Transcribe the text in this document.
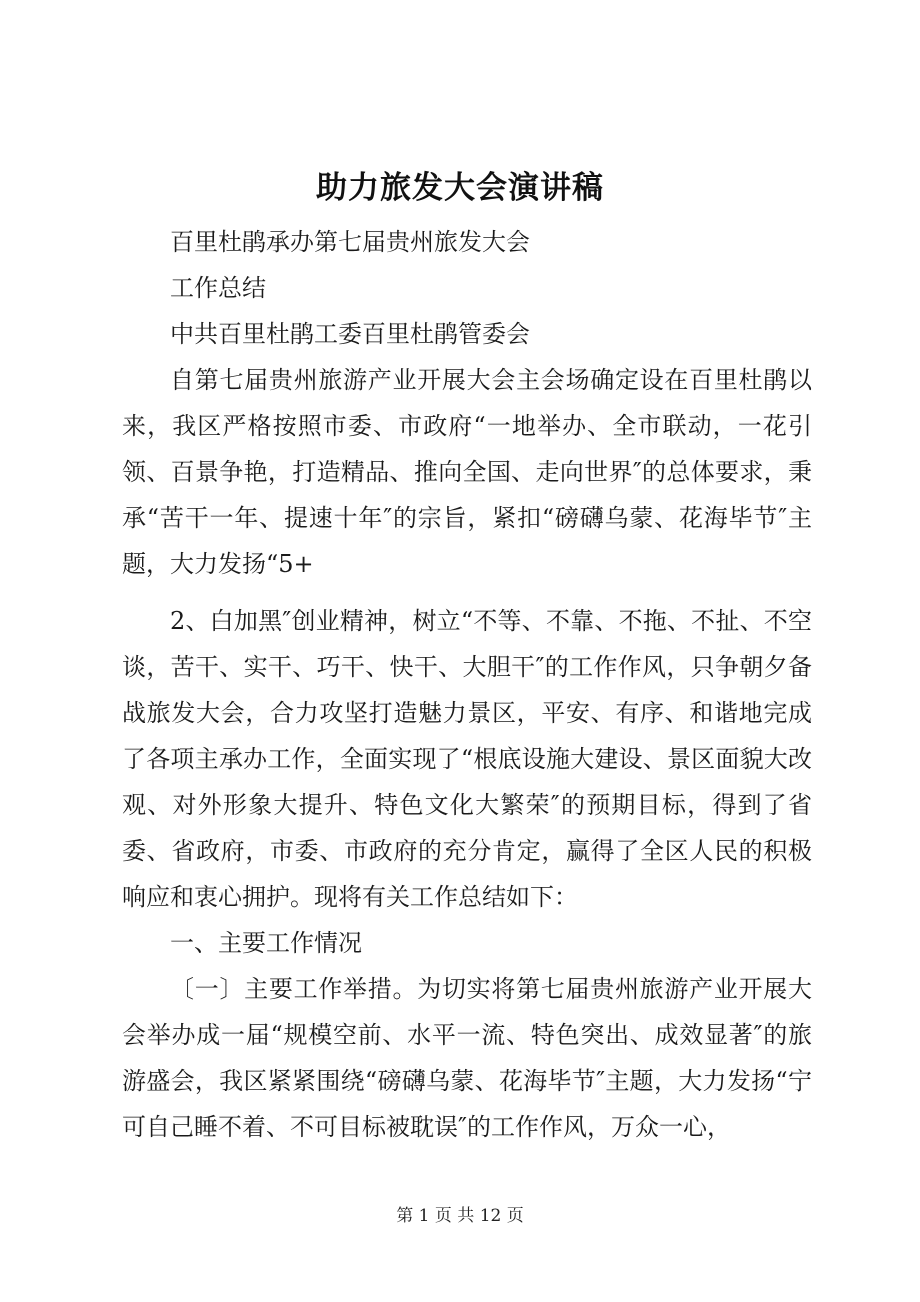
助力旅发大会演讲稿

百里杜鹃承办第七届贵州旅发大会

工作总结

中共百里杜鹃工委百里杜鹃管委会

自第七届贵州旅游产业开展大会主会场确定设在百里杜鹃以来，我区严格按照市委、市政府“一地举办、全市联动，一花引领、百景争艳，打造精品、推向全国、走向世界″的总体要求，秉承“苦干一年、提速十年″的宗旨，紧扣“磅礴乌蒙、花海毕节″主题，大力发扬“5+

2、白加黑″创业精神，树立“不等、不靠、不拖、不扯、不空谈，苦干、实干、巧干、快干、大胆干″的工作作风，只争朝夕备战旅发大会，合力攻坚打造魅力景区，平安、有序、和谐地完成了各项主承办工作，全面实现了“根底设施大建设、景区面貌大改观、对外形象大提升、特色文化大繁荣″的预期目标，得到了省委、省政府，市委、市政府的充分肯定，赢得了全区人民的积极响应和衷心拥护。现将有关工作总结如下：

一、主要工作情况

〔一〕主要工作举措。为切实将第七届贵州旅游产业开展大会举办成一届“规模空前、水平一流、特色突出、成效显著″的旅游盛会，我区紧紧围绕“磅礴乌蒙、花海毕节″主题，大力发扬“宁可自己睡不着、不可目标被耽误″的工作作风，万众一心，

第 1 页 共 12 页
